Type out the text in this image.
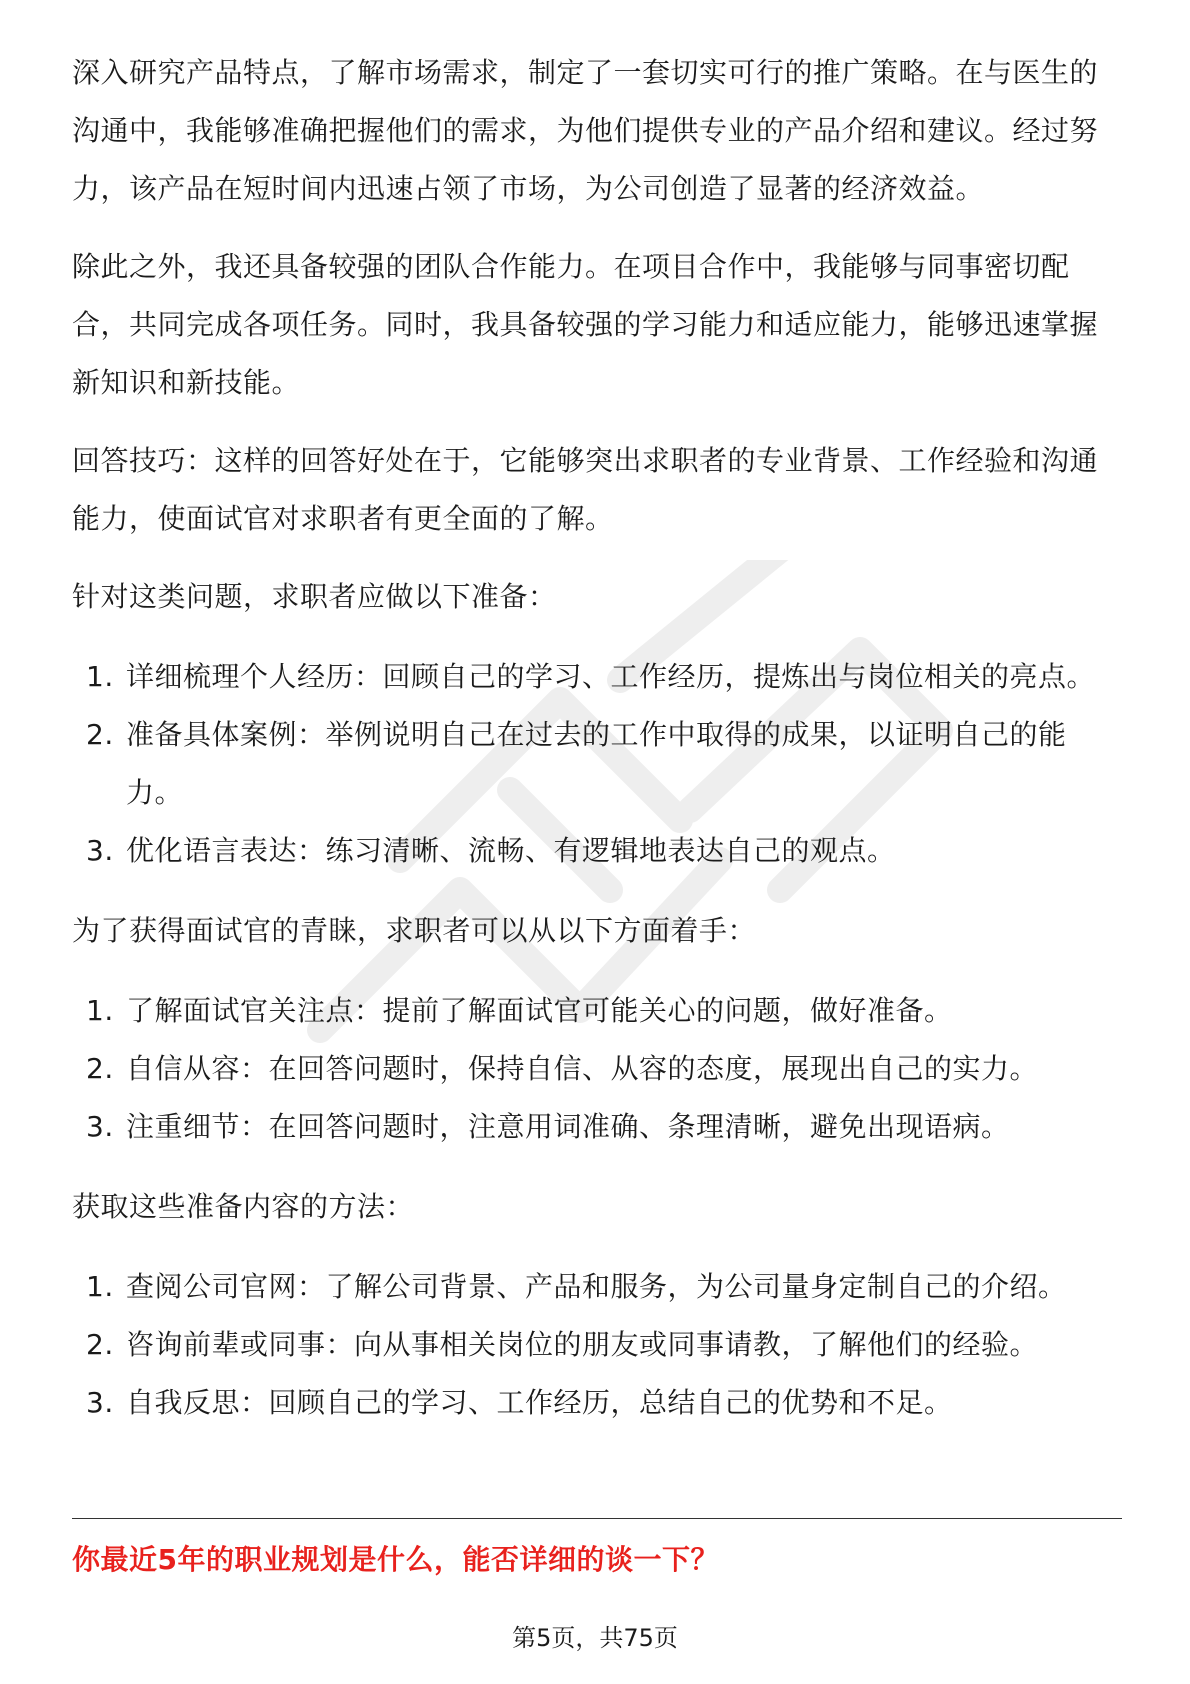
深入研究产品特点，了解市场需求，制定了一套切实可行的推广策略。在与医生的沟通中，我能够准确把握他们的需求，为他们提供专业的产品介绍和建议。经过努力，该产品在短时间内迅速占领了市场，为公司创造了显著的经济效益。

除此之外，我还具备较强的团队合作能力。在项目合作中，我能够与同事密切配合，共同完成各项任务。同时，我具备较强的学习能力和适应能力，能够迅速掌握新知识和新技能。

回答技巧：这样的回答好处在于，它能够突出求职者的专业背景、工作经验和沟通能力，使面试官对求职者有更全面的了解。

针对这类问题，求职者应做以下准备：

1. 详细梳理个人经历：回顾自己的学习、工作经历，提炼出与岗位相关的亮点。
2. 准备具体案例：举例说明自己在过去的工作中取得的成果，以证明自己的能力。
3. 优化语言表达：练习清晰、流畅、有逻辑地表达自己的观点。

为了获得面试官的青睐，求职者可以从以下方面着手：

1. 了解面试官关注点：提前了解面试官可能关心的问题，做好准备。
2. 自信从容：在回答问题时，保持自信、从容的态度，展现出自己的实力。
3. 注重细节：在回答问题时，注意用词准确、条理清晰，避免出现语病。

获取这些准备内容的方法：

1. 查阅公司官网：了解公司背景、产品和服务，为公司量身定制自己的介绍。
2. 咨询前辈或同事：向从事相关岗位的朋友或同事请教，了解他们的经验。
3. 自我反思：回顾自己的学习、工作经历，总结自己的优势和不足。
你最近5年的职业规划是什么，能否详细的谈一下？
第5页，共75页
